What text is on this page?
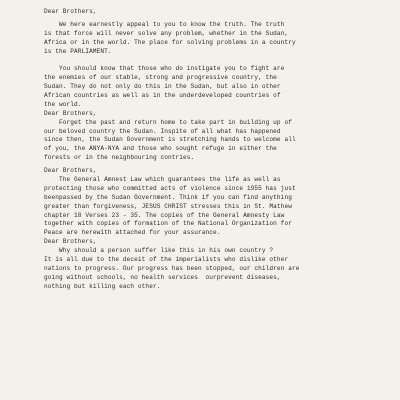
Dear Brothers,
We here earnestly appeal to you to know the truth. The truth
is that force will never solve any problem, whether in the Sudan,
Africa or in the world. The place for solving problems in a country
is the PARLIAMENT.
You should know that those who do instigate you to fight are
the enemies of our stable, strong and progressive country, the
Sudan. They do not only do this in the Sudan, but also in other
African countries as well as in the underdeveloped countries of
the world.
Dear Brothers,
Forget the past and return home to take part in building up of
our beloved country the Sudan. Inspite of all what has happened
since then, the Sudan Government is stretching hands to welcome all
of you, the ANYA-NYA and those who sought refuge in either the
forests or in the neighbouring contries.
Dear Brothers,
The General Amnest Law which guarantees the life as well as
protecting those who committed acts of violence since 1955 has just
beenpassed by the Sudan Government. Think if you can find anything
greater than forgiveness, JESUS CHRIST stresses this in St. Mathew
chapter 18 Verses 23 - 35. The copies of the General Amnesty Law
together with copies of formation of the National Organization for
Peace are herewith attached for your assurance.
Dear Brothers,
Why should a person suffer like this in his own country ?
It is all due to the deceit of the imperialists who dislike other
nations to progress. Our progress has been stopped, our children are
going without schools, no health services  ourprevent diseases,
nothing but killing each other.
